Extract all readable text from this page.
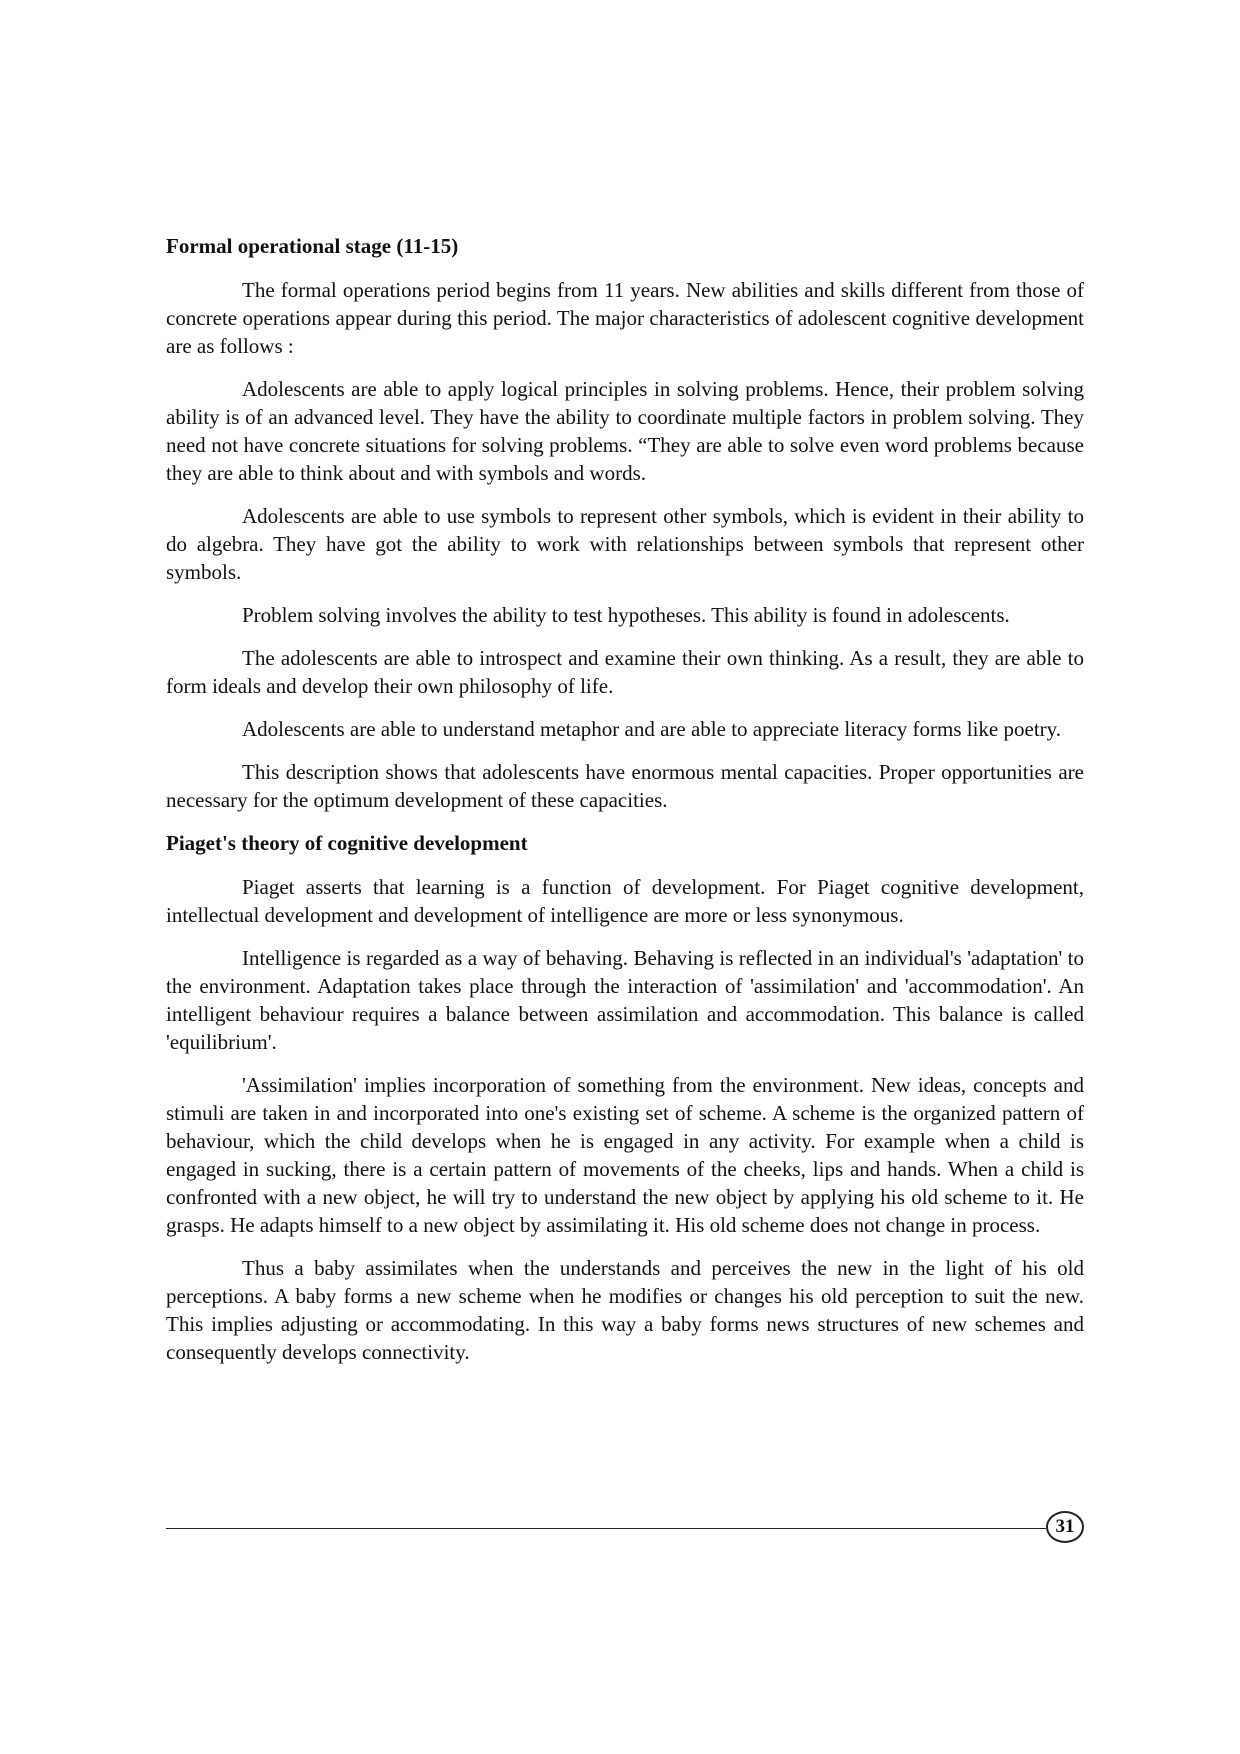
Formal operational stage (11-15)

The formal operations period begins from 11 years. New abilities and skills different from those of concrete operations appear during this period. The major characteristics of adolescent cognitive development are as follows :

Adolescents are able to apply logical principles in solving problems. Hence, their problem solving ability is of an advanced level. They have the ability to coordinate multiple factors in problem solving. They need not have concrete situations for solving problems. “They are able to solve even word problems because they are able to think about and with symbols and words.

Adolescents are able to use symbols to represent other symbols, which is evident in their ability to do algebra. They have got the ability to work with relationships between symbols that represent other symbols.

Problem solving involves the ability to test hypotheses. This ability is found in adolescents.

The adolescents are able to introspect and examine their own thinking. As a result, they are able to form ideals and develop their own philosophy of life.

Adolescents are able to understand metaphor and are able to appreciate literacy forms like poetry.

This description shows that adolescents have enormous mental capacities. Proper opportunities are necessary for the optimum development of these capacities.

Piaget's theory of cognitive development

Piaget asserts that learning is a function of development. For Piaget cognitive development, intellectual development and development of intelligence are more or less synonymous.

Intelligence is regarded as a way of behaving. Behaving is reflected in an individual's 'adaptation' to the environment. Adaptation takes place through the interaction of 'assimilation' and 'accommodation'. An intelligent behaviour requires a balance between assimilation and accommodation. This balance is called 'equilibrium'.

'Assimilation' implies incorporation of something from the environment. New ideas, concepts and stimuli are taken in and incorporated into one's existing set of scheme. A scheme is the organized pattern of behaviour, which the child develops when he is engaged in any activity. For example when a child is engaged in sucking, there is a certain pattern of movements of the cheeks, lips and hands. When a child is confronted with a new object, he will try to understand the new object by applying his old scheme to it. He grasps. He adapts himself to a new object by assimilating it. His old scheme does not change in process.

Thus a baby assimilates when the understands and perceives the new in the light of his old perceptions. A baby forms a new scheme when he modifies or changes his old perception to suit the new. This implies adjusting or accommodating. In this way a baby forms news structures of new schemes and consequently develops connectivity.

31
